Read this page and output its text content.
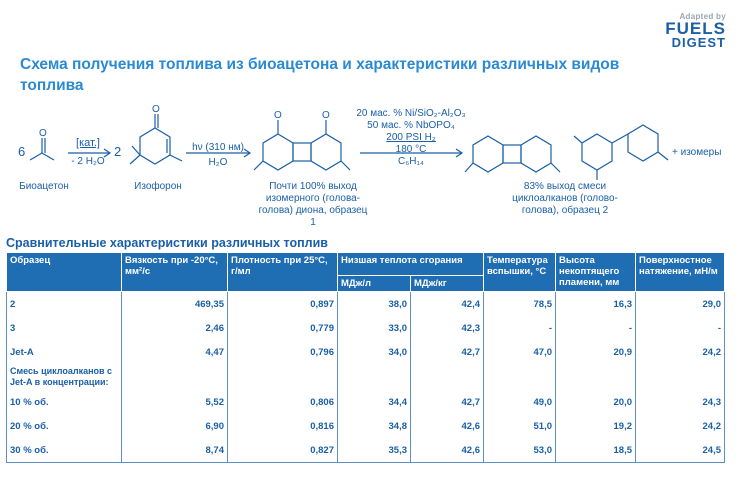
Adapted by
FUELS
DIGEST
Схема получения топлива из биоацетона и характеристики различных видов топлива
O
O
O	O
6	2
[кат.]
- 2 H₂O
hν (310 нм)
H₂O
20 мас. % Ni/SiO₂-Al₂O₃
50 мас. % NbOPO₄
200 PSI H₂
180 °C
C₆H₁₄
Биоацетон	Изофорон	Почти 100% выход изомерного (голова-голова) диона, образец 1
83% выход смеси циклоалканов (голово-голова), образец 2
+ изомеры
Сравнительные характеристики различных топлив
Образец	Вязкость при -20°C, мм²/с	Плотность при 25°C, г/мл	Низшая теплота сгорания		Температура вспышки, °C	Высота некоптящего пламени, мм	Поверхностное натяжение, мН/м
			МДж/л	МДж/кг			
2	469,35	0,897	38,0	42,4	78,5	16,3	29,0
3	2,46	0,779	33,0	42,3	-	-	-
Jet-A	4,47	0,796	34,0	42,7	47,0	20,9	24,2
Смесь циклоалканов с Jet-A в концентрации:							
10 % об.	5,52	0,806	34,4	42,7	49,0	20,0	24,3
20 % об.	6,90	0,816	34,8	42,6	51,0	19,2	24,2
30 % об.	8,74	0,827	35,3	42,6	53,0	18,5	24,5
